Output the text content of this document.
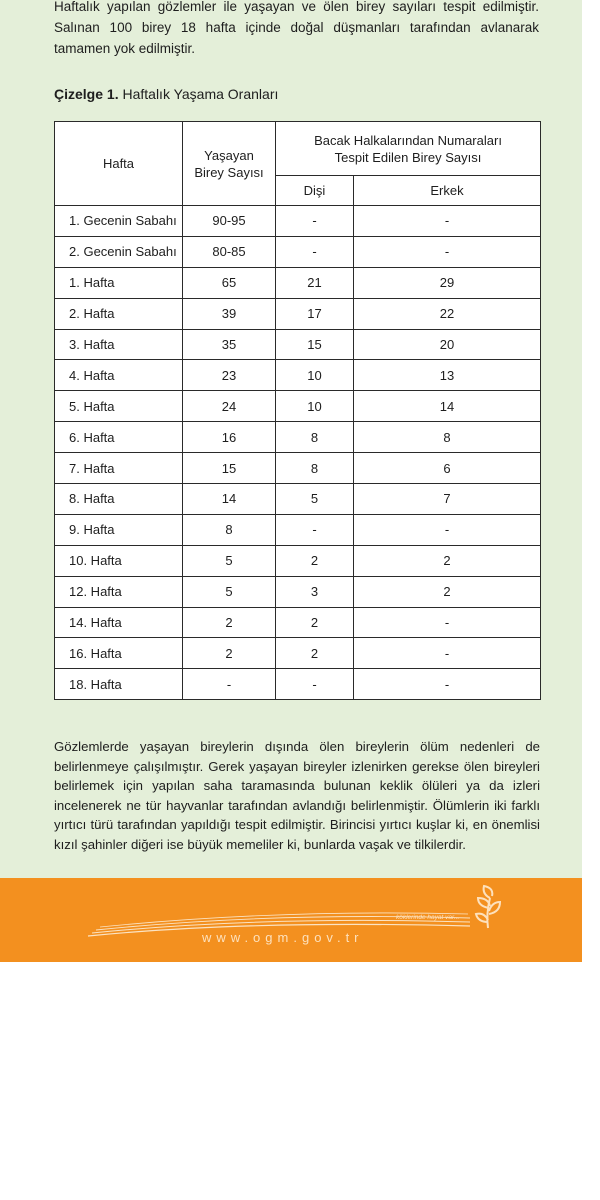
Haftalık yapılan gözlemler ile yaşayan ve ölen birey sayıları tespit edilmiştir. Salınan 100 birey 18 hafta içinde doğal düşmanları tarafından avlanarak tamamen yok edilmiştir.

Çizelge 1. Haftalık Yaşama Oranları

Hafta	Yaşayan Birey Sayısı	Bacak Halkalarından Numaraları Tespit Edilen Birey Sayısı	
		Dişi	Erkek
1. Gecenin Sabahı	90-95	-	-
2. Gecenin Sabahı	80-85	-	-
1. Hafta	65	21	29
2. Hafta	39	17	22
3. Hafta	35	15	20
4. Hafta	23	10	13
5. Hafta	24	10	14
6. Hafta	16	8	8
7. Hafta	15	8	6
8. Hafta	14	5	7
9. Hafta	8	-	-
10. Hafta	5	2	2
12. Hafta	5	3	2
14. Hafta	2	2	-
16. Hafta	2	2	-
18. Hafta	-	-	-

Gözlemlerde yaşayan bireylerin dışında ölen bireylerin ölüm nedenleri de belirlenmeye çalışılmıştır. Gerek yaşayan bireyler izlenirken gerekse ölen bireyleri belirlemek için yapılan saha taramasında bulunan keklik ölüleri ya da izleri incelenerek ne tür hayvanlar tarafından avlandığı belirlenmiştir. Ölümlerin iki farklı yırtıcı türü tarafından yapıldığı tespit edilmiştir. Birincisi yırtıcı kuşlar ki, en önemlisi kızıl şahinler diğeri ise büyük memeliler ki, bunlarda vaşak ve tilkilerdir.

köklerinde hayat var...
www.ogm.gov.tr
